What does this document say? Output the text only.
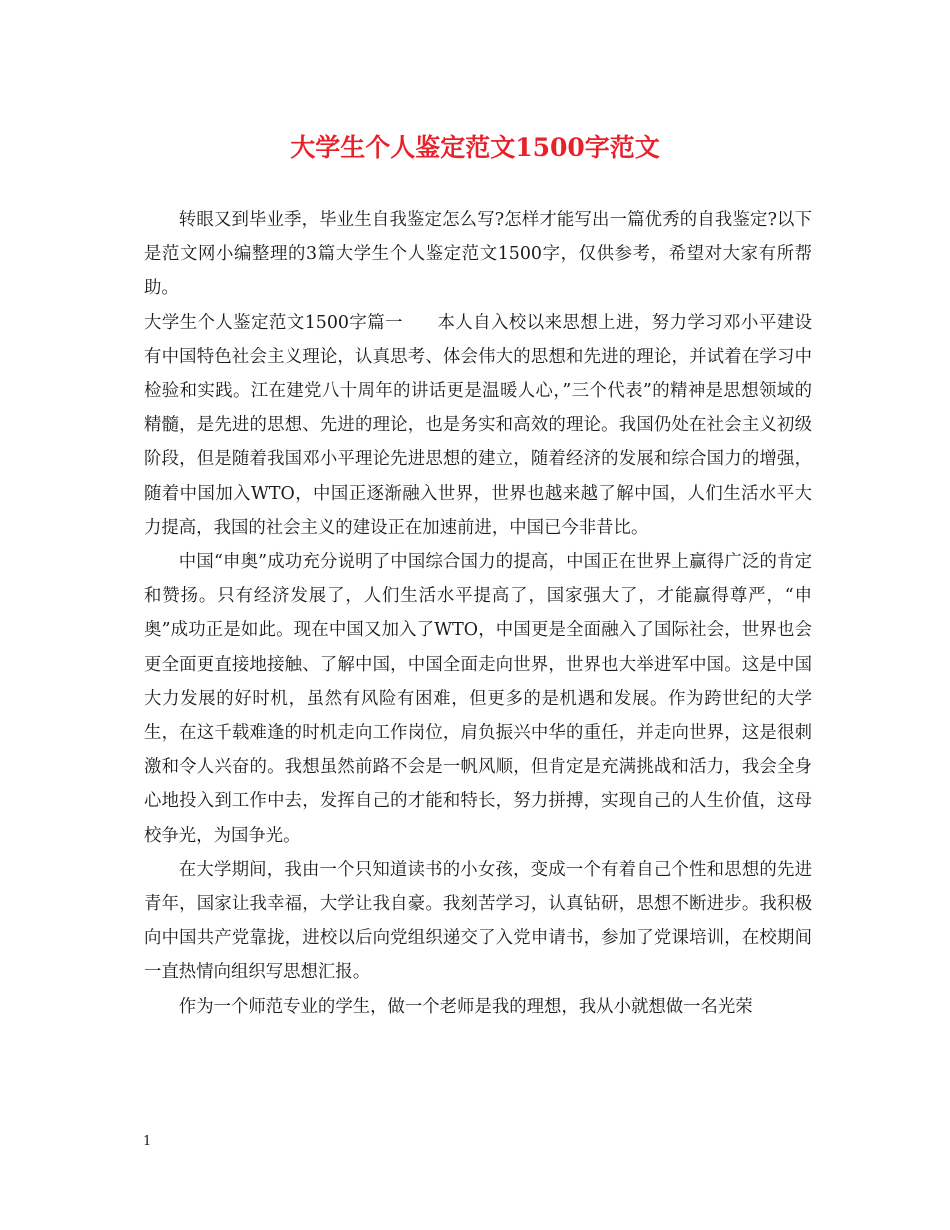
大学生个人鉴定范文1500字范文

转眼又到毕业季，毕业生自我鉴定怎么写?怎样才能写出一篇优秀的自我鉴定?以下是范文网小编整理的3篇大学生个人鉴定范文1500字，仅供参考，希望对大家有所帮助。

大学生个人鉴定范文1500字篇一 本人自入校以来思想上进，努力学习邓小平建设有中国特色社会主义理论，认真思考、体会伟大的思想和先进的理论，并试着在学习中检验和实践。江在建党八十周年的讲话更是温暖人心，”三个代表”的精神是思想领域的精髓，是先进的思想、先进的理论，也是务实和高效的理论。我国仍处在社会主义初级阶段，但是随着我国邓小平理论先进思想的建立，随着经济的发展和综合国力的增强，随着中国加入WTO，中国正逐渐融入世界，世界也越来越了解中国，人们生活水平大力提高，我国的社会主义的建设正在加速前进，中国已今非昔比。

中国“申奥”成功充分说明了中国综合国力的提高，中国正在世界上赢得广泛的肯定和赞扬。只有经济发展了，人们生活水平提高了，国家强大了，才能赢得尊严，“申奥”成功正是如此。现在中国又加入了WTO，中国更是全面融入了国际社会，世界也会更全面更直接地接触、了解中国，中国全面走向世界，世界也大举进军中国。这是中国大力发展的好时机，虽然有风险有困难，但更多的是机遇和发展。作为跨世纪的大学生，在这千载难逢的时机走向工作岗位，肩负振兴中华的重任，并走向世界，这是很刺激和令人兴奋的。我想虽然前路不会是一帆风顺，但肯定是充满挑战和活力，我会全身心地投入到工作中去，发挥自己的才能和特长，努力拼搏，实现自己的人生价值，这母校争光，为国争光。

在大学期间，我由一个只知道读书的小女孩，变成一个有着自己个性和思想的先进青年，国家让我幸福，大学让我自豪。我刻苦学习，认真钻研，思想不断进步。我积极向中国共产党靠拢，进校以后向党组织递交了入党申请书，参加了党课培训，在校期间一直热情向组织写思想汇报。

作为一个师范专业的学生，做一个老师是我的理想，我从小就想做一名光荣

1
